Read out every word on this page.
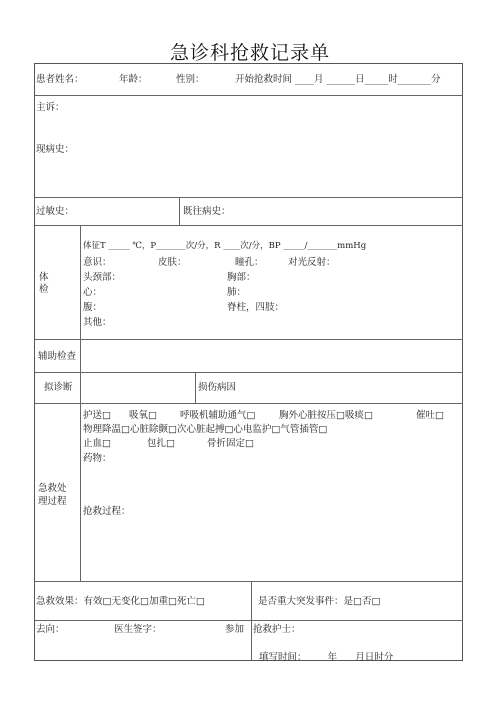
急诊科抢救记录单
患者姓名：	年龄：	性别：	开始抢救时间 ____月 ______日_____时_______分
主诉：
现病史：
过敏史：	既往病史：
体
检
体征T _____ ℃，P_______次/分，R ____次/分，BP _____/_______mmHg
意识：	皮肤：	瞳孔：	对光反射：
头颈部：	胸部：
心：	肺：
腹：	脊柱，四肢：
其他：
辅助检查
拟诊断	损伤病因
急救处
理过程
护送□ 吸氧□ 呼吸机辅助通气□ 胸外心脏按压□吸痰□	催吐□
物理降温□心脏除颤□次心脏起搏□心电监护□气管插管□
止血□	包扎□	骨折固定□
药物：
抢救过程：
急救效果：有效□无变化□加重□死亡□	是否重大突发事件：是□否□
去向：	医生签字：	参加 抢救护士：
填写时间：       年      月日时分
